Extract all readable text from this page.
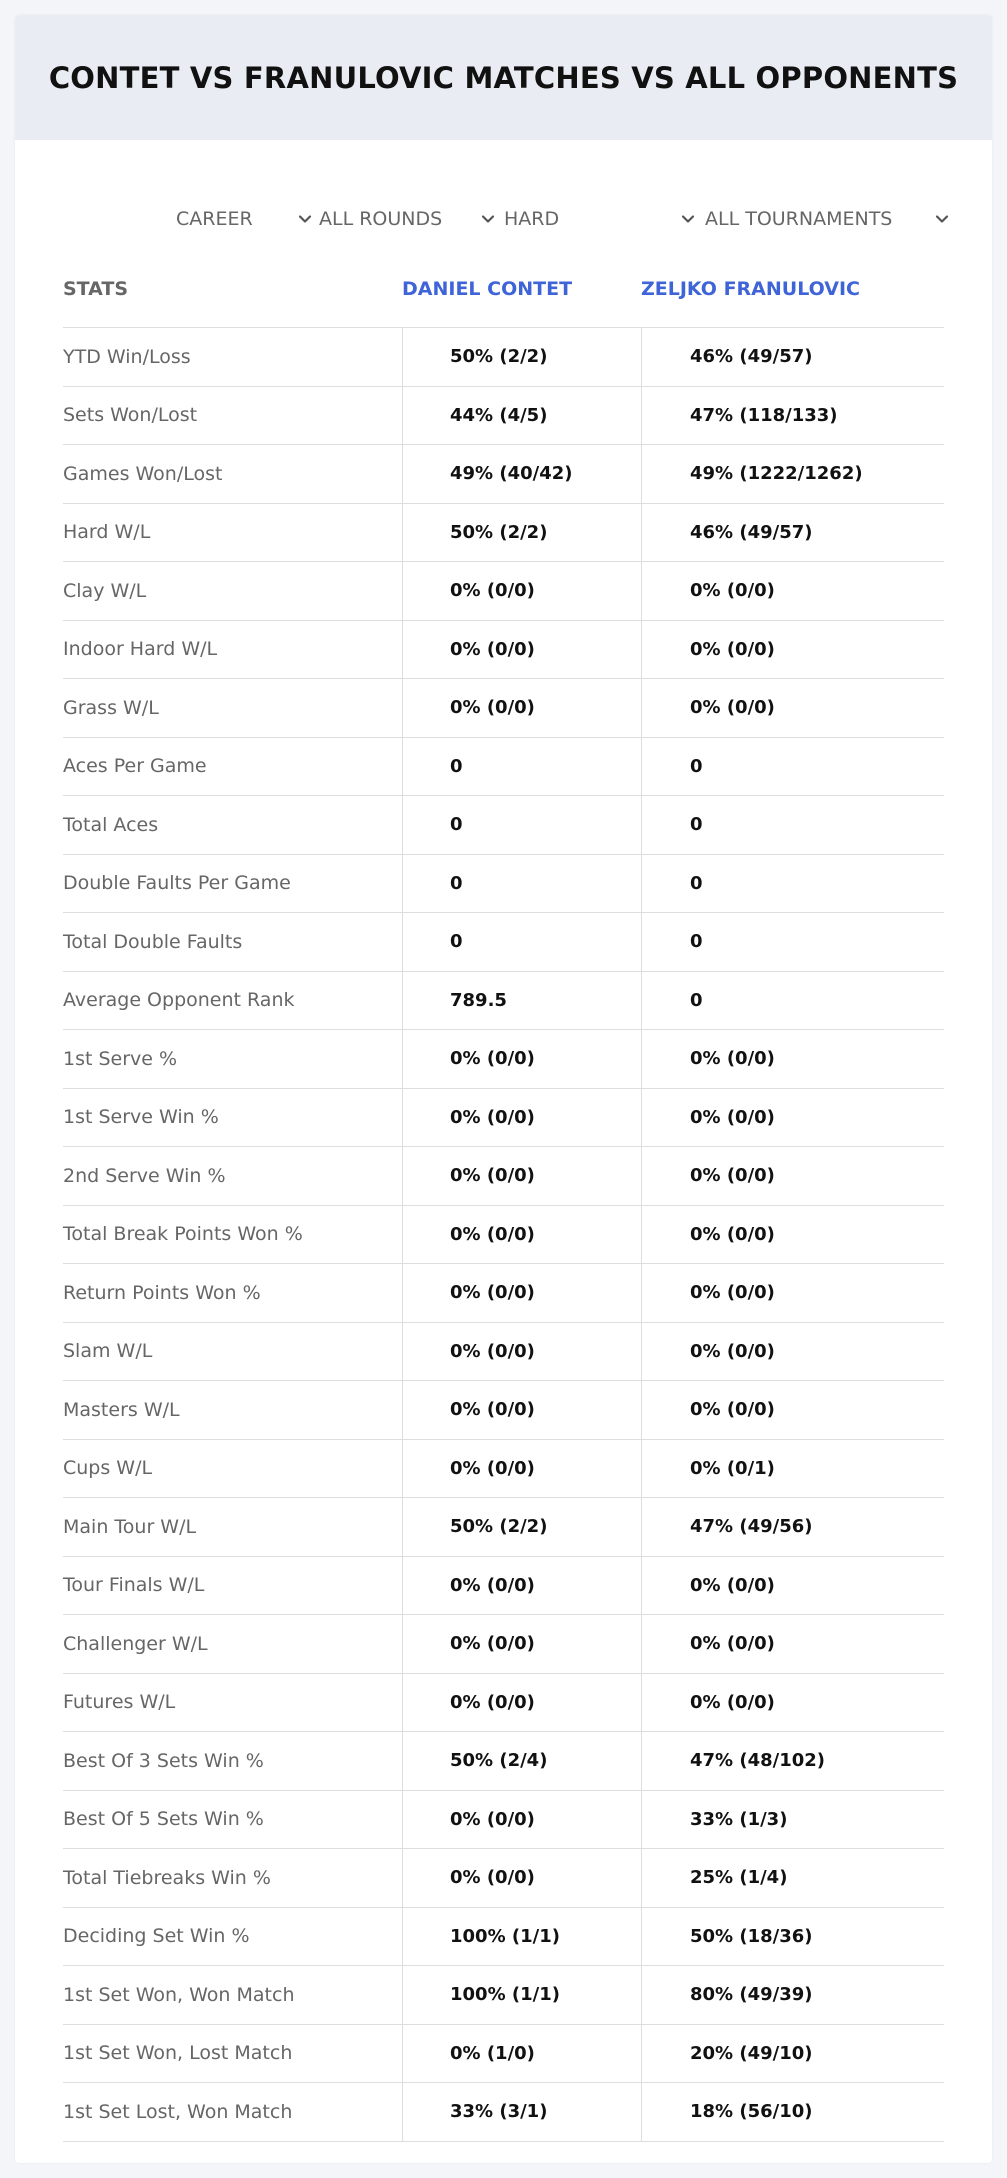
CONTET VS FRANULOVIC MATCHES VS ALL OPPONENTS
CAREER	ALL ROUNDS	HARD	ALL TOURNAMENTS
STATS	DANIEL CONTET	ZELJKO FRANULOVIC
YTD Win/Loss	50% (2/2)	46% (49/57)
Sets Won/Lost	44% (4/5)	47% (118/133)
Games Won/Lost	49% (40/42)	49% (1222/1262)
Hard W/L	50% (2/2)	46% (49/57)
Clay W/L	0% (0/0)	0% (0/0)
Indoor Hard W/L	0% (0/0)	0% (0/0)
Grass W/L	0% (0/0)	0% (0/0)
Aces Per Game	0	0
Total Aces	0	0
Double Faults Per Game	0	0
Total Double Faults	0	0
Average Opponent Rank	789.5	0
1st Serve %	0% (0/0)	0% (0/0)
1st Serve Win %	0% (0/0)	0% (0/0)
2nd Serve Win %	0% (0/0)	0% (0/0)
Total Break Points Won %	0% (0/0)	0% (0/0)
Return Points Won %	0% (0/0)	0% (0/0)
Slam W/L	0% (0/0)	0% (0/0)
Masters W/L	0% (0/0)	0% (0/0)
Cups W/L	0% (0/0)	0% (0/1)
Main Tour W/L	50% (2/2)	47% (49/56)
Tour Finals W/L	0% (0/0)	0% (0/0)
Challenger W/L	0% (0/0)	0% (0/0)
Futures W/L	0% (0/0)	0% (0/0)
Best Of 3 Sets Win %	50% (2/4)	47% (48/102)
Best Of 5 Sets Win %	0% (0/0)	33% (1/3)
Total Tiebreaks Win %	0% (0/0)	25% (1/4)
Deciding Set Win %	100% (1/1)	50% (18/36)
1st Set Won, Won Match	100% (1/1)	80% (49/39)
1st Set Won, Lost Match	0% (1/0)	20% (49/10)
1st Set Lost, Won Match	33% (3/1)	18% (56/10)
